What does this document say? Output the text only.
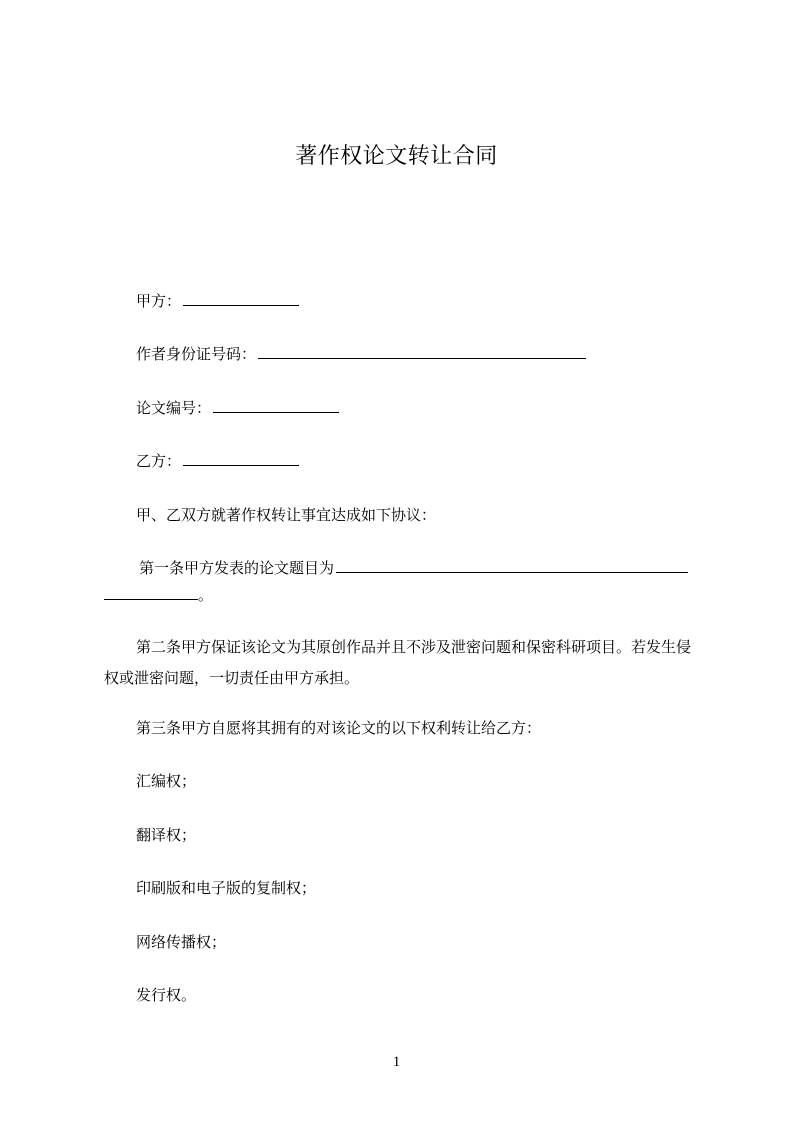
著作权论文转让合同
甲方：
作者身份证号码：
论文编号：
乙方：
甲、乙双方就著作权转让事宜达成如下协议：
第一条甲方发表的论文题目为
。
第二条甲方保证该论文为其原创作品并且不涉及泄密问题和保密科研项目。若发生侵权或泄密问题，一切责任由甲方承担。
第三条甲方自愿将其拥有的对该论文的以下权利转让给乙方：
汇编权；
翻译权；
印刷版和电子版的复制权；
网络传播权；
发行权。
1
